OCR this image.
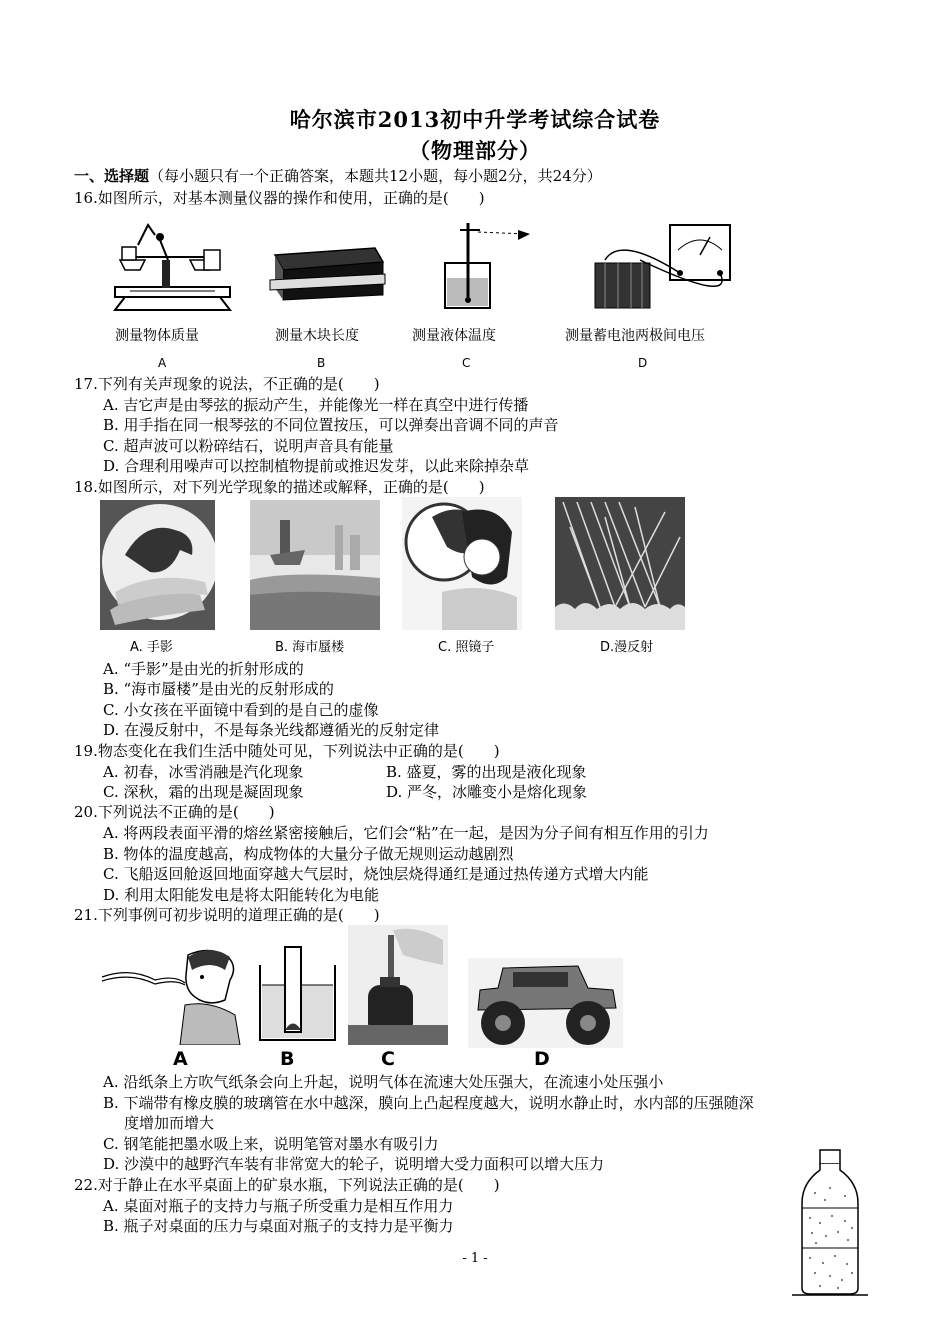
哈尔滨市2013初中升学考试综合试卷
（物理部分）
一、选择题（每小题只有一个正确答案，本题共12小题，每小题2分，共24分）
16.如图所示，对基本测量仪器的操作和使用，正确的是(　　)
测量物体质量	测量木块长度	测量液体温度	测量蓄电池两极间电压
A	B	C	D
17.下列有关声现象的说法，不正确的是(　　)
A. 吉它声是由琴弦的振动产生，并能像光一样在真空中进行传播
B. 用手指在同一根琴弦的不同位置按压，可以弹奏出音调不同的声音
C. 超声波可以粉碎结石，说明声音具有能量
D. 合理利用噪声可以控制植物提前或推迟发芽，以此来除掉杂草
18.如图所示，对下列光学现象的描述或解释，正确的是(　　)
A. 手影	B. 海市蜃楼	C. 照镜子	D.漫反射
A. “手影”是由光的折射形成的
B. “海市蜃楼”是由光的反射形成的
C. 小女孩在平面镜中看到的是自己的虚像
D. 在漫反射中，不是每条光线都遵循光的反射定律
19.物态变化在我们生活中随处可见，下列说法中正确的是(　　)
A. 初春，冰雪消融是汽化现象	B. 盛夏，雾的出现是液化现象
C. 深秋，霜的出现是凝固现象	D. 严冬，冰雕变小是熔化现象
20.下列说法不正确的是(　　)
A. 将两段表面平滑的熔丝紧密接触后，它们会“粘”在一起，是因为分子间有相互作用的引力
B. 物体的温度越高，构成物体的大量分子做无规则运动越剧烈
C. 飞船返回舱返回地面穿越大气层时，烧蚀层烧得通红是通过热传递方式增大内能
D. 利用太阳能发电是将太阳能转化为电能
21.下列事例可初步说明的道理正确的是(　　)
A	B	C	D
A. 沿纸条上方吹气纸条会向上升起，说明气体在流速大处压强大，在流速小处压强小
B. 下端带有橡皮膜的玻璃管在水中越深，膜向上凸起程度越大，说明水静止时，水内部的压强随深
度增加而增大
C. 钢笔能把墨水吸上来，说明笔管对墨水有吸引力
D. 沙漠中的越野汽车装有非常宽大的轮子，说明增大受力面积可以增大压力
22.对于静止在水平桌面上的矿泉水瓶，下列说法正确的是(　　)
A. 桌面对瓶子的支持力与瓶子所受重力是相互作用力
B. 瓶子对桌面的压力与桌面对瓶子的支持力是平衡力
- 1 -
